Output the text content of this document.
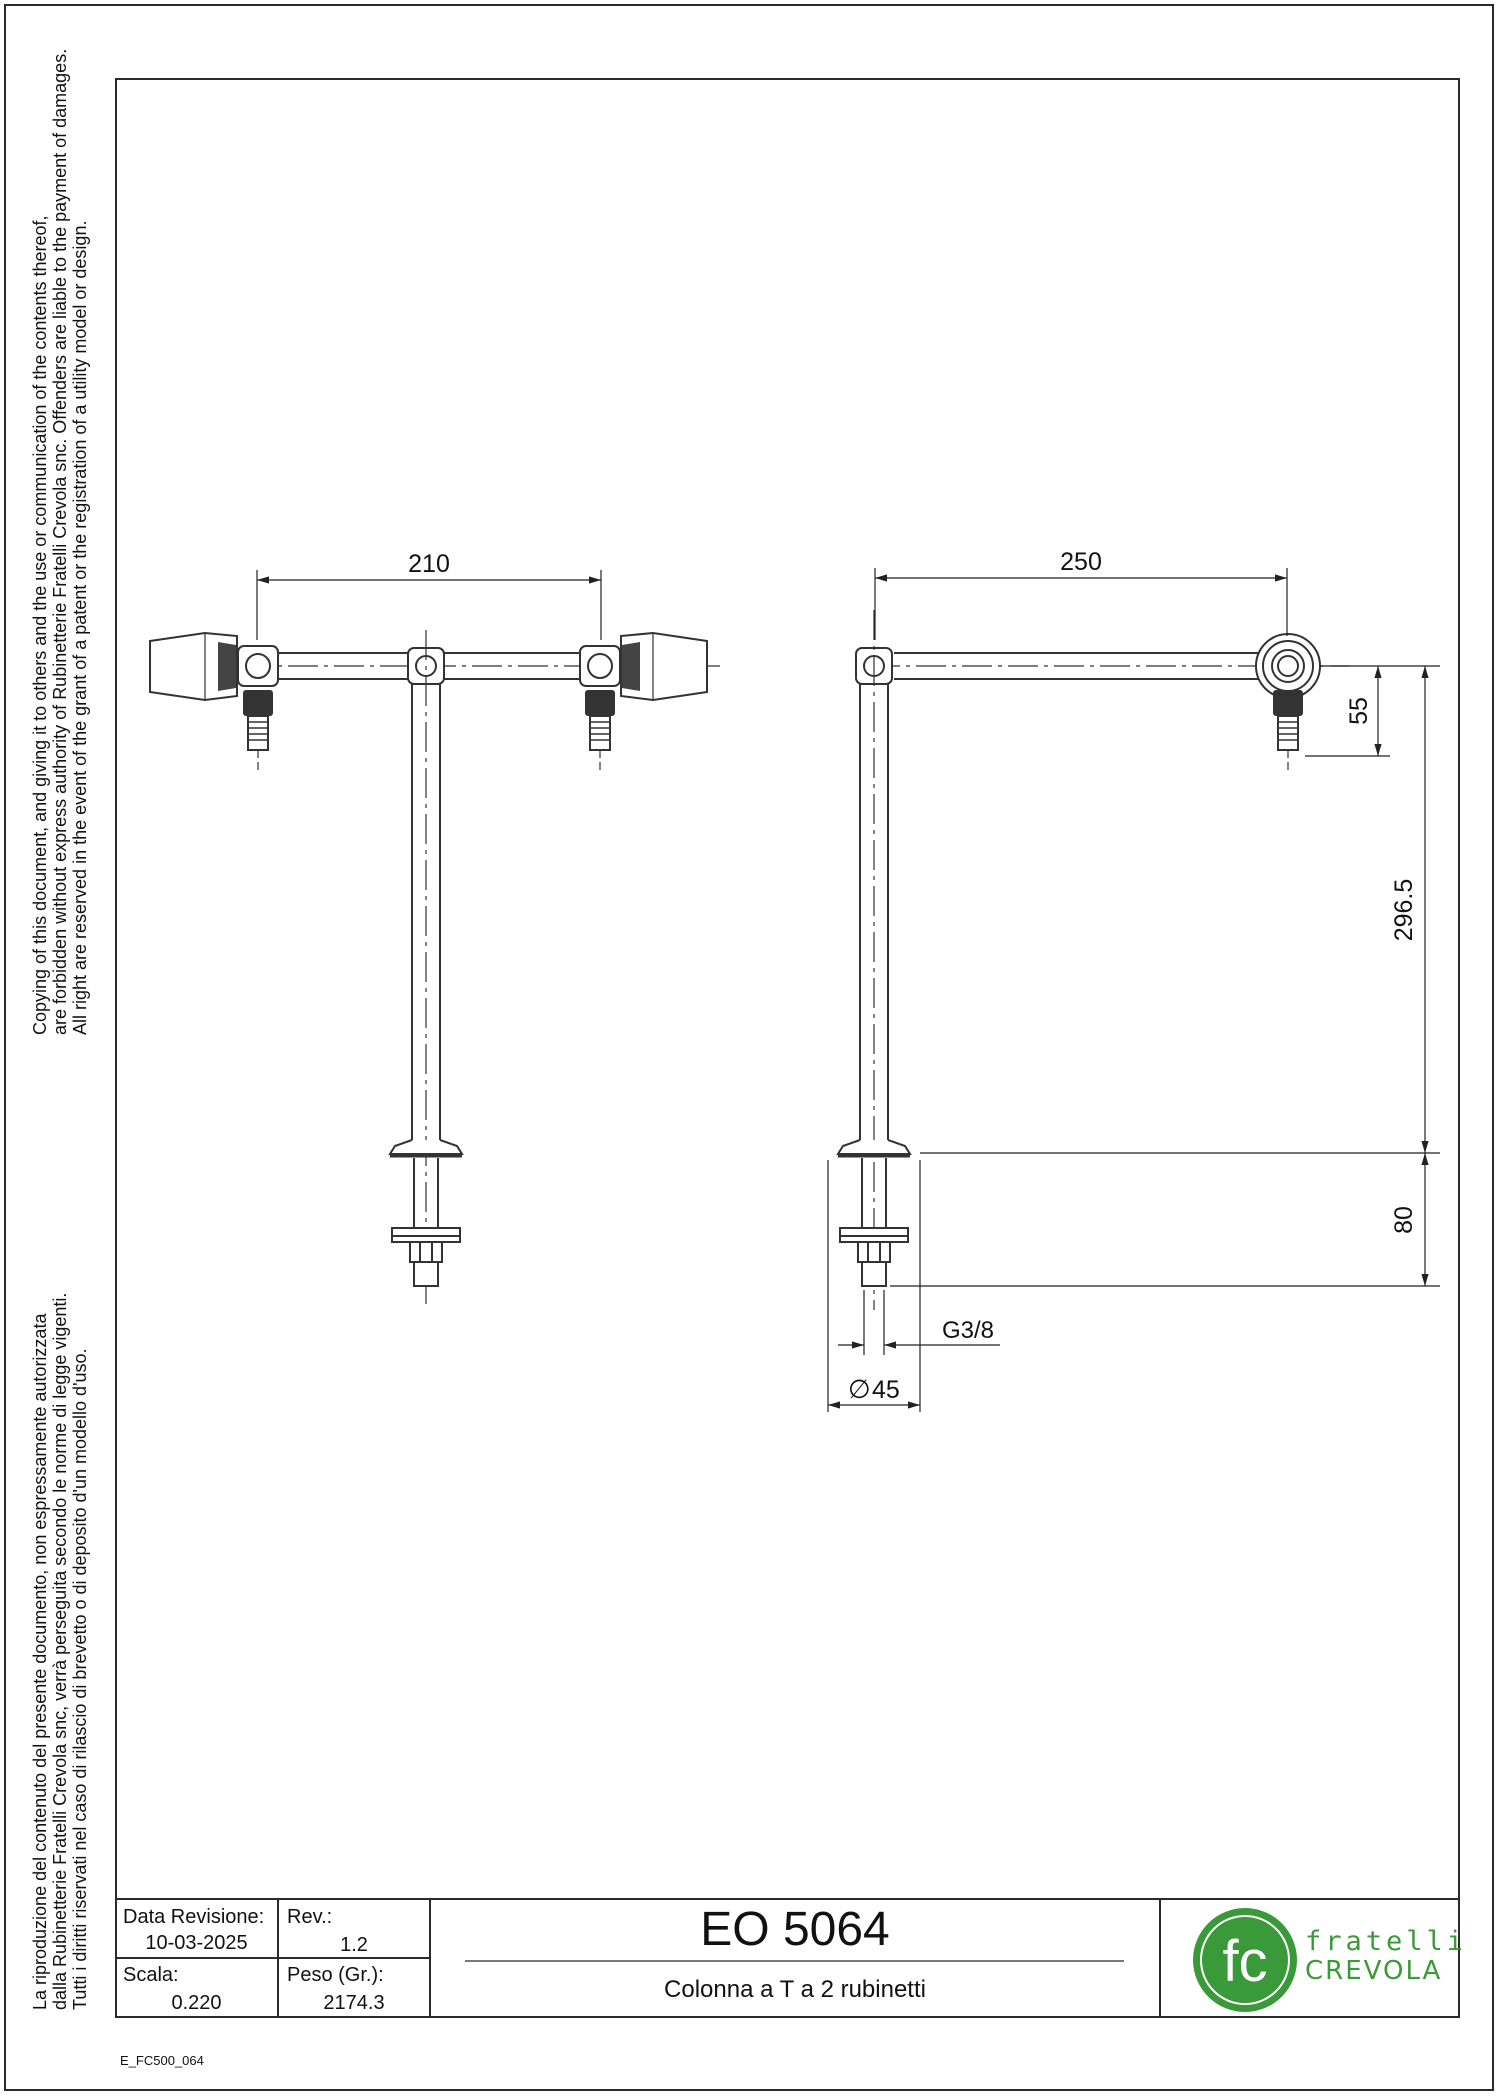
Copying of this document, and giving it to others and the use or communication of the contents thereof, are forbidden without express authority of Rubinetterie Fratelli Crevola snc. Offenders are liable to the payment of damages. All right are reserved in the event of the grant of a patent or the registration of a utility model or design.
La riproduzione del contenuto del presente documento, non espressamente autorizzata dalla Rubinetterie Fratelli Crevola snc, verrà perseguita secondo le norme di legge vigenti. Tutti i diritti riservati nel caso di rilascio di brevetto o di deposito d'un modello d'uso.
210	250
55
296.5
80
G3/8
∅ 45
Data Revisione:
10-03-2025
Rev.:
1.2
Scala:
0.220
Peso (Gr.):
2174.3
EO 5064
Colonna a T a 2 rubinetti	fc fratelli
CREVOLA
E_FC500_064
